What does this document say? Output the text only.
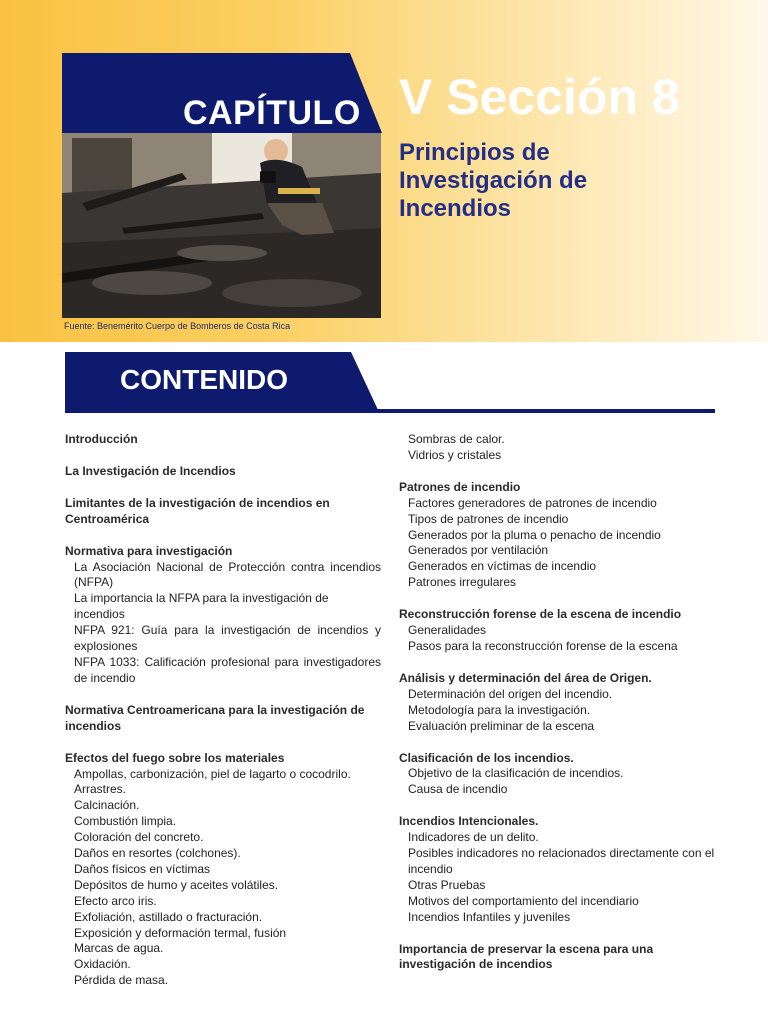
CAPÍTULO
Fuente: Benemérito Cuerpo de Bomberos de Costa Rica
V Sección 8
Principios de Investigación de Incendios
CONTENIDO
Introducción
La Investigación de Incendios
Limitantes de la investigación de incendios en Centroamérica
Normativa para investigación
La Asociación Nacional de Protección contra incendios (NFPA)
La importancia la NFPA para la investigación de incendios
NFPA 921: Guía para la investigación de incendios y explosiones
NFPA 1033: Calificación profesional para investigadores de incendio
Normativa Centroamericana para la investigación de incendios
Efectos del fuego sobre los materiales
Ampollas, carbonización, piel de lagarto o cocodrilo.
Arrastres.
Calcinación.
Combustión limpia.
Coloración del concreto.
Daños en resortes (colchones).
Daños físicos en víctimas
Depósitos de humo y aceites volátiles.
Efecto arco iris.
Exfoliación, astillado o fracturación.
Exposición y deformación termal, fusión
Marcas de agua.
Oxidación.
Pérdida de masa.
Sombras de calor.
Vidrios y cristales
Patrones de incendio
Factores generadores de patrones de incendio
Tipos de patrones de incendio
Generados por la pluma o penacho de incendio
Generados por ventilación
Generados en víctimas de incendio
Patrones irregulares
Reconstrucción forense de la escena de incendio
Generalidades
Pasos para la reconstrucción forense de la escena
Análisis y determinación del área de Origen.
Determinación del origen del incendio.
Metodología para la investigación.
Evaluación preliminar de la escena
Clasificación de los incendios.
Objetivo de la clasificación de incendios.
Causa de incendio
Incendios Intencionales.
Indicadores de un delito.
Posibles indicadores no relacionados directamente con el incendio
Otras Pruebas
Motivos del comportamiento del incendiario
Incendios Infantiles y juveniles
Importancia de preservar la escena para una investigación de incendios
